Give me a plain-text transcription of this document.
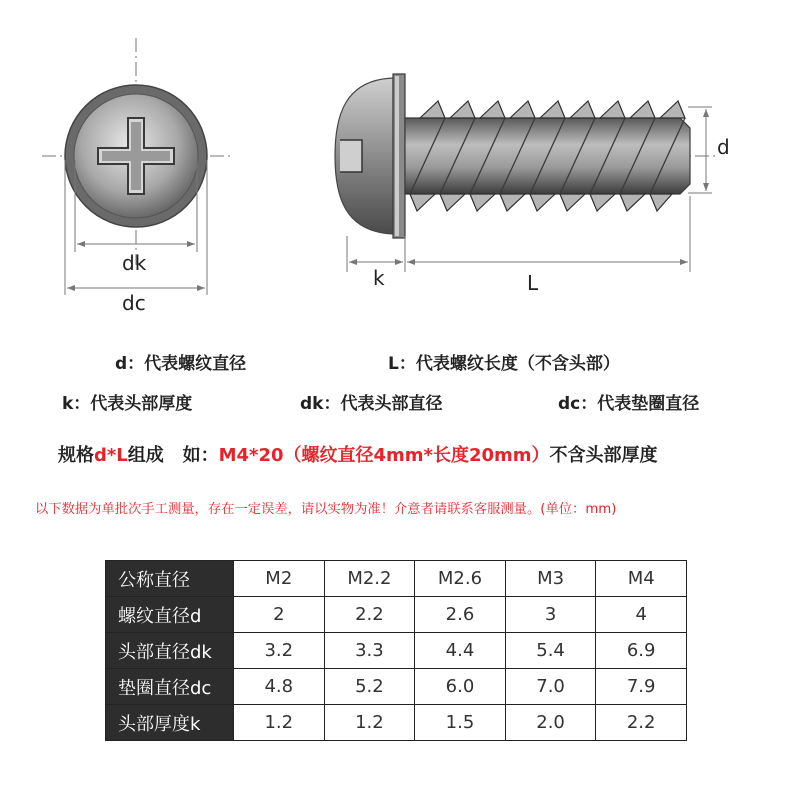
dk
dc
d
k	L
d：代表螺纹直径	L：代表螺纹长度（不含头部）
k：代表头部厚度	dk：代表头部直径	dc：代表垫圈直径
规格d*L组成   如：M4*20（螺纹直径4mm*长度20mm）不含头部厚度
以下数据为单批次手工测量，存在一定误差，请以实物为准！介意者请联系客服测量。(单位：mm)
公称直径	M2	M2.2	M2.6	M3	M4
螺纹直径d	2	2.2	2.6	3	4
头部直径dk	3.2	3.3	4.4	5.4	6.9
垫圈直径dc	4.8	5.2	6.0	7.0	7.9
头部厚度k	1.2	1.2	1.5	2.0	2.2
